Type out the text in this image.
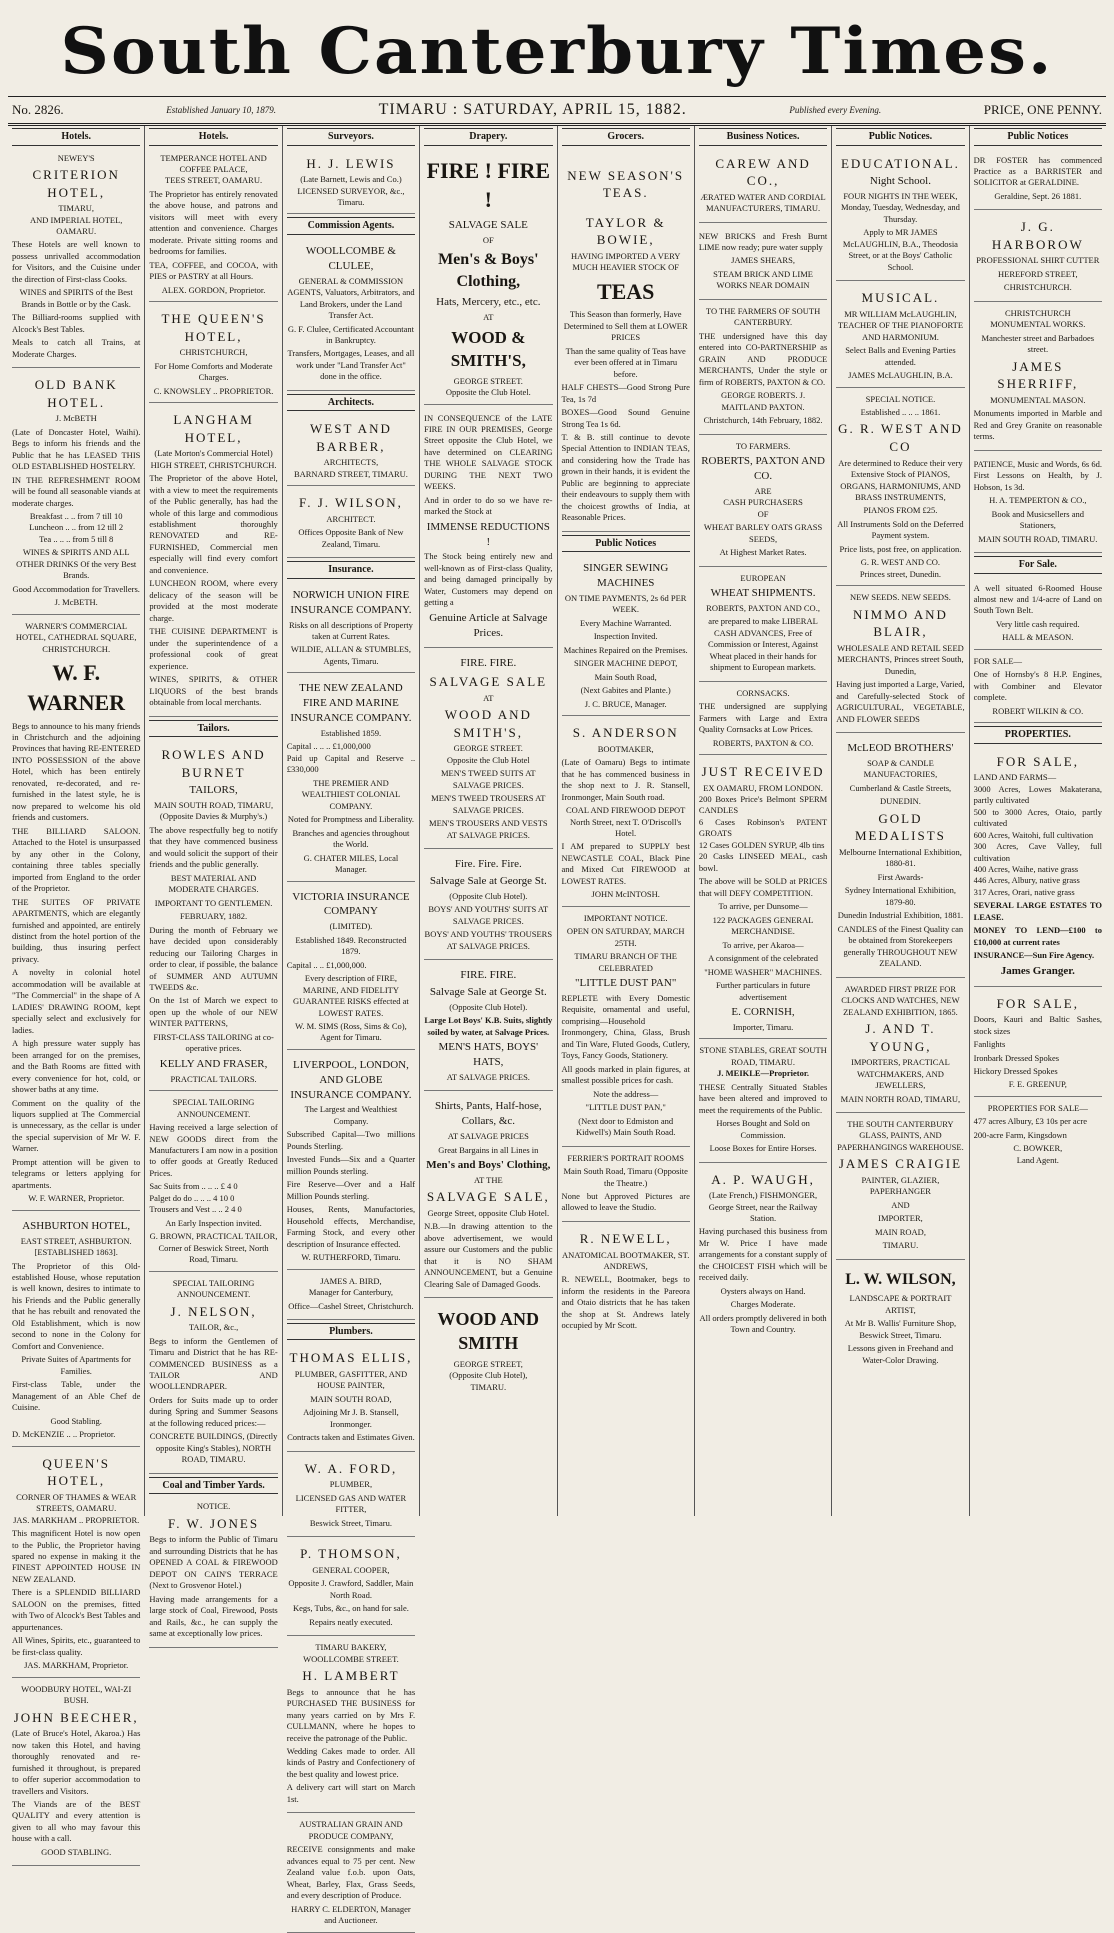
South Canterbury Times.
No. 2826.	Established January 10, 1879.	TIMARU : SATURDAY, APRIL 15, 1882.	Published every Evening.	PRICE, ONE PENNY.
Hotels.
NEWEY'S
CRITERION HOTEL,
TIMARU,
AND IMPERIAL HOTEL, OAMARU.

These Hotels are well known to possess unrivalled accommodation for Visitors, and the Cuisine under the direction of First-class Cooks.

WINES and SPIRITS of the Best Brands in Bottle or by the Cask.

The Billiard-rooms supplied with Alcock's Best Tables.

Meals to catch all Trains, at Moderate Charges.

OLD BANK HOTEL.
J. McBETH

(Late of Doncaster Hotel, Waihi). Begs to inform his friends and the Public that he has LEASED THIS OLD ESTABLISHED HOSTELRY.

IN THE REFRESHMENT ROOM will be found all seasonable viands at moderate charges.

Breakfast .. .. from 7 till 10
Luncheon .. .. from 12 till 2
Tea .. .. .. from 5 till 8

WINES & SPIRITS AND ALL OTHER DRINKS Of the very Best Brands.

Good Accommodation for Travellers.

J. McBETH.
WARNER'S COMMERCIAL HOTEL, CATHEDRAL SQUARE, CHRISTCHURCH.
W. F. WARNER

Begs to announce to his many friends in Christchurch and the adjoining Provinces that having RE-ENTERED INTO POSSESSION of the above Hotel, which has been entirely renovated, re-decorated, and re-furnished in the latest style, he is now prepared to welcome his old friends and customers.

THE BILLIARD SALOON. Attached to the Hotel is unsurpassed by any other in the Colony, containing three tables specially imported from England to the order of the Proprietor.

THE SUITES OF PRIVATE APARTMENTS, which are elegantly furnished and appointed, are entirely distinct from the hotel portion of the building, thus insuring perfect privacy.

A novelty in colonial hotel accommodation will be available at "The Commercial" in the shape of A LADIES' DRAWING ROOM, kept specially select and exclusively for ladies.

A high pressure water supply has been arranged for on the premises, and the Bath Rooms are fitted with every convenience for hot, cold, or shower baths at any time.

Comment on the quality of the liquors supplied at The Commercial is unnecessary, as the cellar is under the special supervision of Mr W. F. Warner.

Prompt attention will be given to telegrams or letters applying for apartments.

W. F. WARNER, Proprietor.
ASHBURTON HOTEL,
EAST STREET, ASHBURTON.
[ESTABLISHED 1863].

The Proprietor of this Old-established House, whose reputation is well known, desires to intimate to his Friends and the Public generally that he has rebuilt and renovated the Old Establishment, which is now second to none in the Colony for Comfort and Convenience.

Private Suites of Apartments for Families.

First-class Table, under the Management of an Able Chef de Cuisine.

Good Stabling.

D. McKENZIE .. .. Proprietor.
QUEEN'S HOTEL,
CORNER OF THAMES & WEAR STREETS, OAMARU.
JAS. MARKHAM .. PROPRIETOR.

This magnificent Hotel is now open to the Public, the Proprietor having spared no expense in making it the FINEST APPOINTED HOUSE IN NEW ZEALAND.

There is a SPLENDID BILLIARD SALOON on the premises, fitted with Two of Alcock's Best Tables and appurtenances.

All Wines, Spirits, etc., guaranteed to be first-class quality.

JAS. MARKHAM, Proprietor.
WOODBURY HOTEL, WAI-ZI BUSH.
JOHN BEECHER,

(Late of Bruce's Hotel, Akaroa.) Has now taken this Hotel, and having thoroughly renovated and re-furnished it throughout, is prepared to offer superior accommodation to travellers and Visitors.

The Viands are of the BEST QUALITY and every attention is given to all who may favour this house with a call.

GOOD STABLING.

Hotels.
TEMPERANCE HOTEL AND COFFEE PALACE,
TEES STREET, OAMARU.

The Proprietor has entirely renovated the above house, and patrons and visitors will meet with every attention and convenience. Charges moderate. Private sitting rooms and bedrooms for families.

TEA, COFFEE, and COCOA, with PIES or PASTRY at all Hours.

ALEX. GORDON, Proprietor.
THE QUEEN'S HOTEL,
CHRISTCHURCH,

For Home Comforts and Moderate Charges.

C. KNOWSLEY .. PROPRIETOR.
LANGHAM HOTEL,
(Late Morton's Commercial Hotel) HIGH STREET, CHRISTCHURCH.

The Proprietor of the above Hotel, with a view to meet the requirements of the Public generally, has had the whole of this large and commodious establishment thoroughly RENOVATED and RE-FURNISHED, Commercial men especially will find every comfort and convenience.

LUNCHEON ROOM, where every delicacy of the season will be provided at the most moderate charge.

THE CUISINE DEPARTMENT is under the superintendence of a professional cook of great experience.

WINES, SPIRITS, & OTHER LIQUORS of the best brands obtainable from local merchants.

Tailors.
ROWLES AND BURNET
TAILORS,
MAIN SOUTH ROAD, TIMARU, (Opposite Davies & Murphy's.)

The above respectfully beg to notify that they have commenced business and would solicit the support of their friends and the public generally.

BEST MATERIAL AND MODERATE CHARGES.

IMPORTANT TO GENTLEMEN.

FEBRUARY, 1882.

During the month of February we have decided upon considerably reducing our Tailoring Charges in order to clear, if possible, the balance of SUMMER AND AUTUMN TWEEDS &c.

On the 1st of March we expect to open up the whole of our NEW WINTER PATTERNS,

FIRST-CLASS TAILORING at co-operative prices.

KELLY AND FRASER,
PRACTICAL TAILORS.
SPECIAL TAILORING ANNOUNCEMENT.

Having received a large selection of NEW GOODS direct from the Manufacturers I am now in a position to offer goods at Greatly Reduced Prices.

Sac Suits from .. .. .. £ 4 0
Palget do do .. .. .. 4 10 0
Trousers and Vest .. .. 2 4 0

An Early Inspection invited.

G. BROWN, PRACTICAL TAILOR, Corner of Beswick Street, North Road, Timaru.
SPECIAL TAILORING ANNOUNCEMENT.
J. NELSON,
TAILOR, &c.,

Begs to inform the Gentlemen of Timaru and District that he has RE-COMMENCED BUSINESS as a TAILOR AND WOOLLENDRAPER.

Orders for Suits made up to order during Spring and Summer Seasons at the following reduced prices:—

CONCRETE BUILDINGS, (Directly opposite King's Stables), NORTH ROAD, TIMARU.

Coal and Timber Yards.
NOTICE.
F. W. JONES

Begs to inform the Public of Timaru and surrounding Districts that he has OPENED A COAL & FIREWOOD DEPOT ON CAIN'S TERRACE (Next to Grosvenor Hotel.)

Having made arrangements for a large stock of Coal, Firewood, Posts and Rails, &c., he can supply the same at exceptionally low prices.

Surveyors.
H. J. LEWIS
(Late Barnett, Lewis and Co.) LICENSED SURVEYOR, &c., Timaru.
Commission Agents.
WOOLLCOMBE & CLULEE,

GENERAL & COMMISSION AGENTS, Valuators, Arbitrators, and Land Brokers, under the Land Transfer Act.

G. F. Clulee, Certificated Accountant in Bankruptcy.

Transfers, Mortgages, Leases, and all work under "Land Transfer Act" done in the office.

Architects.
WEST AND BARBER,
ARCHITECTS,
BARNARD STREET, TIMARU.
F. J. WILSON,
ARCHITECT.

Offices Opposite Bank of New Zealand, Timaru.

Insurance.
NORWICH UNION FIRE INSURANCE COMPANY.

Risks on all descriptions of Property taken at Current Rates.

WILDIE, ALLAN & STUMBLES, Agents, Timaru.
THE NEW ZEALAND FIRE AND MARINE INSURANCE COMPANY.

Established 1859.

Capital .. .. .. £1,000,000
Paid up Capital and Reserve .. £330,000

THE PREMIER AND WEALTHIEST COLONIAL COMPANY.

Noted for Promptness and Liberality.

Branches and agencies throughout the World.

G. CHATER MILES, Local Manager.
VICTORIA INSURANCE COMPANY
(LIMITED).

Established 1849. Reconstructed 1879.

Capital .. .. £1,000,000.

Every description of FIRE, MARINE, AND FIDELITY GUARANTEE RISKS effected at LOWEST RATES.

W. M. SIMS (Ross, Sims & Co), Agent for Timaru.
LIVERPOOL, LONDON, AND GLOBE INSURANCE COMPANY.

The Largest and Wealthiest Company.

Subscribed Capital—Two millions Pounds Sterling.

Invested Funds—Six and a Quarter million Pounds sterling.

Fire Reserve—Over and a Half Million Pounds sterling.

Houses, Rents, Manufactories, Household effects, Merchandise, Farming Stock, and every other description of Insurance effected.

W. RUTHERFORD, Timaru.
JAMES A. BIRD,
Manager for Canterbury,

Office—Cashel Street, Christchurch.

Plumbers.
THOMAS ELLIS,

PLUMBER, GASFITTER, AND HOUSE PAINTER,

MAIN SOUTH ROAD,

Adjoining Mr J. B. Stansell, Ironmonger.

Contracts taken and Estimates Given.

W. A. FORD,

PLUMBER,

LICENSED GAS AND WATER FITTER,

Beswick Street, Timaru.

P. THOMSON,

GENERAL COOPER,

Opposite J. Crawford, Saddler, Main North Road.

Kegs, Tubs, &c., on hand for sale.

Repairs neatly executed.

TIMARU BAKERY, WOOLLCOMBE STREET.
H. LAMBERT

Begs to announce that he has PURCHASED THE BUSINESS for many years carried on by Mrs F. CULLMANN, where he hopes to receive the patronage of the Public.

Wedding Cakes made to order. All kinds of Pastry and Confectionery of the best quality and lowest price.

A delivery cart will start on March 1st.

AUSTRALIAN GRAIN AND PRODUCE COMPANY,

RECEIVE consignments and make advances equal to 75 per cent. New Zealand value f.o.b. upon Oats, Wheat, Barley, Flax, Grass Seeds, and every description of Produce.

HARRY C. ELDERTON, Manager and Auctioneer.
Drapery.
FIRE ! FIRE !
SALVAGE SALE
OF
Men's & Boys' Clothing,
Hats, Mercery, etc., etc.
AT
WOOD & SMITH'S,
GEORGE STREET.
Opposite the Club Hotel.

IN CONSEQUENCE of the LATE FIRE IN OUR PREMISES, George Street opposite the Club Hotel, we have determined on CLEARING THE WHOLE SALVAGE STOCK DURING THE NEXT TWO WEEKS.

And in order to do so we have re-marked the Stock at

IMMENSE REDUCTIONS !

The Stock being entirely new and well-known as of First-class Quality, and being damaged principally by Water, Customers may depend on getting a

Genuine Article at Salvage Prices.
FIRE. FIRE.
SALVAGE SALE
AT
WOOD AND SMITH'S,
GEORGE STREET.
Opposite the Club Hotel

MEN'S TWEED SUITS AT SALVAGE PRICES.

MEN'S TWEED TROUSERS AT SALVAGE PRICES.

MEN'S TROUSERS AND VESTS AT SALVAGE PRICES.

Fire. Fire. Fire.
Salvage Sale at George St.
(Opposite Club Hotel).

BOYS' AND YOUTHS' SUITS AT SALVAGE PRICES.

BOYS' AND YOUTHS' TROUSERS AT SALVAGE PRICES.

FIRE. FIRE.
Salvage Sale at George St.
(Opposite Club Hotel).

Large Lot Boys' K.B. Suits, slightly soiled by water, at Salvage Prices.

MEN'S HATS, BOYS' HATS,

AT SALVAGE PRICES.

Shirts, Pants, Half-hose, Collars, &c.
AT SALVAGE PRICES

Great Bargains in all Lines in

Men's and Boys' Clothing,
AT THE
SALVAGE SALE,
George Street, opposite Club Hotel.

N.B.—In drawing attention to the above advertisement, we would assure our Customers and the public that it is NO SHAM ANNOUNCEMENT, but a Genuine Clearing Sale of Damaged Goods.

WOOD AND SMITH
GEORGE STREET,
(Opposite Club Hotel),
TIMARU.
Grocers.
NEW SEASON'S TEAS.
TAYLOR & BOWIE,

HAVING IMPORTED A VERY MUCH HEAVIER STOCK OF

TEAS

This Season than formerly, Have Determined to Sell them at LOWER PRICES

Than the same quality of Teas have ever been offered at in Timaru before.

HALF CHESTS—Good Strong Pure Tea, 1s 7d

BOXES—Good Sound Genuine Strong Tea 1s 6d.

T. & B. still continue to devote Special Attention to INDIAN TEAS, and considering how the Trade has grown in their hands, it is evident the Public are beginning to appreciate their endeavours to supply them with the choicest growths of India, at Reasonable Prices.

Public Notices
SINGER SEWING MACHINES

ON TIME PAYMENTS, 2s 6d PER WEEK.

Every Machine Warranted.

Inspection Invited.

Machines Repaired on the Premises.

SINGER MACHINE DEPOT,

Main South Road,

(Next Gabites and Plante.)

J. C. BRUCE, Manager.
S. ANDERSON
BOOTMAKER,

(Late of Oamaru) Begs to intimate that he has commenced business in the shop next to J. R. Stansell, Ironmonger, Main South road.

COAL AND FIREWOOD DEPOT North Street, next T. O'Driscoll's Hotel.

I AM prepared to SUPPLY best NEWCASTLE COAL, Black Pine and Mixed Cut FIREWOOD at LOWEST RATES.

JOHN McINTOSH.
IMPORTANT NOTICE.

OPEN ON SATURDAY, MARCH 25TH.

TIMARU BRANCH OF THE CELEBRATED

"LITTLE DUST PAN"

REPLETE with Every Domestic Requisite, ornamental and useful, comprising—Household Ironmongery, China, Glass, Brush and Tin Ware, Fluted Goods, Cutlery, Toys, Fancy Goods, Stationery.

All goods marked in plain figures, at smallest possible prices for cash.

Note the address—

"LITTLE DUST PAN,"

(Next door to Edmiston and Kidwell's) Main South Road.

FERRIER'S PORTRAIT ROOMS

Main South Road, Timaru (Opposite the Theatre.)

None but Approved Pictures are allowed to leave the Studio.

R. NEWELL,

ANATOMICAL BOOTMAKER, ST. ANDREWS,

R. NEWELL, Bootmaker, begs to inform the residents in the Pareora and Otaio districts that he has taken the shop at St. Andrews lately occupied by Mr Scott.

Business Notices.
CAREW AND CO.,

ÆRATED WATER AND CORDIAL MANUFACTURERS, TIMARU.

NEW BRICKS and Fresh Burnt LIME now ready; pure water supply

JAMES SHEARS,

STEAM BRICK AND LIME WORKS NEAR DOMAIN

TO THE FARMERS OF SOUTH CANTERBURY.

THE undersigned have this day entered into CO-PARTNERSHIP as GRAIN AND PRODUCE MERCHANTS, Under the style or firm of ROBERTS, PAXTON & CO.

GEORGE ROBERTS. J. MAITLAND PAXTON.

Christchurch, 14th February, 1882.

TO FARMERS.
ROBERTS, PAXTON AND CO.
ARE
CASH PURCHASERS
OF

WHEAT BARLEY OATS GRASS SEEDS,

At Highest Market Rates.

EUROPEAN
WHEAT SHIPMENTS.
ROBERTS, PAXTON AND CO.,

are prepared to make LIBERAL CASH ADVANCES, Free of Commission or Interest, Against Wheat placed in their hands for shipment to European markets.

CORNSACKS.

THE undersigned are supplying Farmers with Large and Extra Quality Cornsacks at Low Prices.

ROBERTS, PAXTON & CO.
JUST RECEIVED
EX OAMARU, FROM LONDON.
200 Boxes Price's Belmont SPERM CANDLES
6 Cases Robinson's PATENT GROATS
12 Cases GOLDEN SYRUP, 4lb tins
20 Casks LINSEED MEAL, cash bowl.

The above will be SOLD at PRICES that will DEFY COMPETITION.

To arrive, per Dunsome—

122 PACKAGES GENERAL MERCHANDISE.

To arrive, per Akaroa—

A consignment of the celebrated

"HOME WASHER" MACHINES.

Further particulars in future advertisement

E. CORNISH,
Importer, Timaru.
STONE STABLES, GREAT SOUTH ROAD, TIMARU.
J. MEIKLE—Proprietor.

THESE Centrally Situated Stables have been altered and improved to meet the requirements of the Public.

Horses Bought and Sold on Commission.

Loose Boxes for Entire Horses.

A. P. WAUGH,
(Late French,) FISHMONGER, George Street, near the Railway Station.

Having purchased this business from Mr W. Price I have made arrangements for a constant supply of the CHOICEST FISH which will be received daily.

Oysters always on Hand.

Charges Moderate.

All orders promptly delivered in both Town and Country.

Public Notices.
EDUCATIONAL.
Night School.

FOUR NIGHTS IN THE WEEK, Monday, Tuesday, Wednesday, and Thursday.

Apply to MR JAMES McLAUGHLIN, B.A., Theodosia Street, or at the Boys' Catholic School.

MUSICAL.

MR WILLIAM McLAUGHLIN, TEACHER OF THE PIANOFORTE AND HARMONIUM.

Select Balls and Evening Parties attended.

JAMES McLAUGHLIN, B.A.
SPECIAL NOTICE.

Established .. .. .. 1861.

G. R. WEST AND CO

Are determined to Reduce their very Extensive Stock of PIANOS, ORGANS, HARMONIUMS, AND BRASS INSTRUMENTS,

PIANOS FROM £25.

All Instruments Sold on the Deferred Payment system.

Price lists, post free, on application.

G. R. WEST AND CO.
Princes street, Dunedin.
NEW SEEDS. NEW SEEDS.
NIMMO AND BLAIR,

WHOLESALE AND RETAIL SEED MERCHANTS, Princes street South, Dunedin,

Having just imported a Large, Varied, and Carefully-selected Stock of AGRICULTURAL, VEGETABLE, AND FLOWER SEEDS

McLEOD BROTHERS'

SOAP & CANDLE MANUFACTORIES,

Cumberland & Castle Streets,

DUNEDIN.

GOLD MEDALISTS

Melbourne International Exhibition, 1880-81.

First Awards-

Sydney International Exhibition, 1879-80.

Dunedin Industrial Exhibition, 1881.

CANDLES of the Finest Quality can be obtained from Storekeepers generally THROUGHOUT NEW ZEALAND.

AWARDED FIRST PRIZE FOR CLOCKS AND WATCHES, NEW ZEALAND EXHIBITION, 1865.
J. AND T. YOUNG,

IMPORTERS, PRACTICAL WATCHMAKERS, AND JEWELLERS,

MAIN NORTH ROAD, TIMARU,

THE SOUTH CANTERBURY GLASS, PAINTS, AND PAPERHANGINGS WAREHOUSE.
JAMES CRAIGIE

PAINTER, GLAZIER, PAPERHANGER

AND

IMPORTER,

MAIN ROAD,

TIMARU.

L. W. WILSON,

LANDSCAPE & PORTRAIT ARTIST,

At Mr B. Wallis' Furniture Shop, Beswick Street, Timaru.

Lessons given in Freehand and Water-Color Drawing.

Public Notices

DR FOSTER has commenced Practice as a BARRISTER and SOLICITOR at GERALDINE.

Geraldine, Sept. 26 1881.

J. G. HARBOROW

PROFESSIONAL SHIRT CUTTER

HEREFORD STREET,

CHRISTCHURCH.

CHRISTCHURCH MONUMENTAL WORKS.

Manchester street and Barbadoes street.

JAMES SHERRIFF,

MONUMENTAL MASON.

Monuments imported in Marble and Red and Grey Granite on reasonable terms.

PATIENCE, Music and Words, 6s 6d. First Lessons on Health, by J. Hobson, 1s 3d.

H. A. TEMPERTON & CO.,

Book and Musicsellers and Stationers,

MAIN SOUTH ROAD, TIMARU.

For Sale.

A well situated 6-Roomed House almost new and 1/4-acre of Land on South Town Belt.

Very little cash required.

HALL & MEASON.
FOR SALE—

One of Hornsby's 8 H.P. Engines, with Combiner and Elevator complete.

ROBERT WILKIN & CO.
PROPERTIES.
FOR SALE,
LAND AND FARMS—
3000 Acres, Lowes Makaterana, partly cultivated
500 to 3000 Acres, Otaio, partly cultivated
600 Acres, Waitohi, full cultivation
300 Acres, Cave Valley, full cultivation
400 Acres, Waihe, native grass
446 Acres, Albury, native grass
317 Acres, Orari, native grass

SEVERAL LARGE ESTATES TO LEASE.

MONEY TO LEND—£100 to £10,000 at current rates

INSURANCE—Sun Fire Agency.

James Granger.
FOR SALE,

Doors, Kauri and Baltic Sashes, stock sizes

Fanlights

Ironbark Dressed Spokes

Hickory Dressed Spokes

F. E. GREENUP,
PROPERTIES FOR SALE—

477 acres Albury, £3 10s per acre

200-acre Farm, Kingsdown

C. BOWKER,
Land Agent.
